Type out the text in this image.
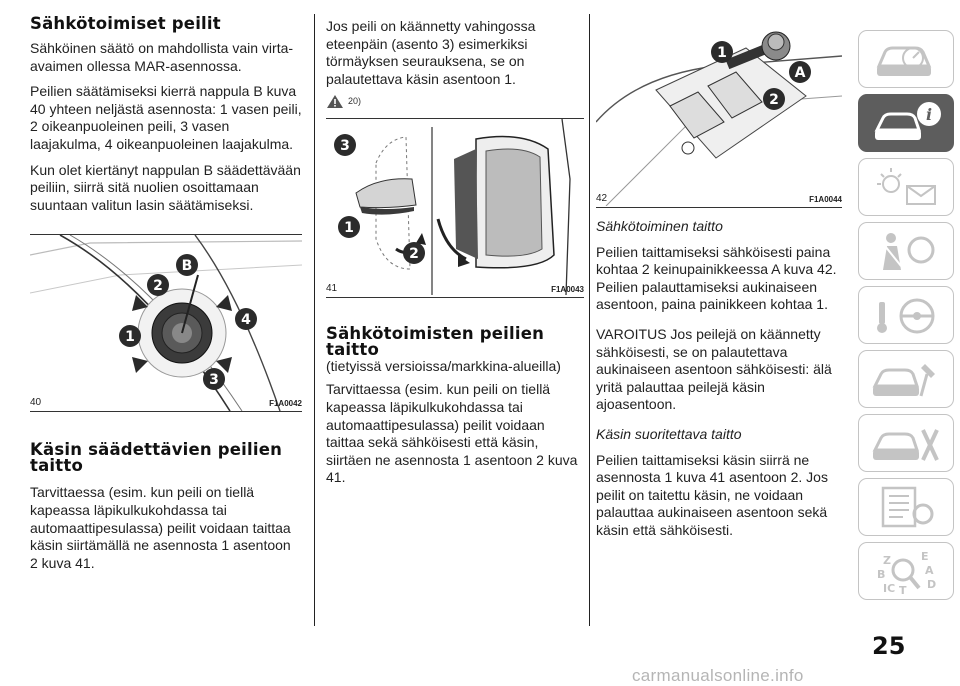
Sähkötoimiset peilit

Sähköinen säätö on mahdollista vain virta-avaimen ollessa MAR-asennossa.

Peilien säätämiseksi kierrä nappula B kuva 40 yhteen neljästä asennosta: 1 vasen peili, 2 oikeanpuoleinen peili, 3 vasen laajakulma, 4 oikeanpuoleinen laajakulma.

Kun olet kiertänyt nappulan B säädettävään peiliin, siirrä sitä nuolien osoittamaan suuntaan valitun lasin säätämiseksi.

B
2
4
1
3
40	F1A0042
Käsin säädettävien peilien taitto

Tarvittaessa (esim. kun peili on tiellä kapeassa läpikulkukohdassa tai automaattipesulassa) peilit voidaan taittaa käsin siirtämällä ne asennosta 1 asentoon 2 kuva 41.

Jos peili on käännetty vahingossa eteenpäin (asento 3) esimerkiksi törmäyksen seurauksena, se on palautettava käsin asentoon 1.

20)
3
1
2
41	F1A0043
Sähkötoimisten peilien taitto

(tietyissä versioissa/markkina-alueilla)

Tarvittaessa (esim. kun peili on tiellä kapeassa läpikulkukohdassa tai automaattipesulassa) peilit voidaan taittaa sekä sähköisesti että käsin, siirtäen ne asennosta 1 asentoon 2 kuva 41.

1
A
2
42	F1A0044

Sähkötoiminen taitto

Peilien taittamiseksi sähköisesti paina kohtaa 2 keinupainikkeessa A kuva 42. Peilien palauttamiseksi aukinaiseen asentoon, paina painikkeen kohtaa 1.

VAROITUS Jos peilejä on käännetty sähköisesti, se on palautettava aukinaiseen asentoon sähköisesti: älä yritä palauttaa peilejä käsin ajoasentoon.

Käsin suoritettava taitto

Peilien taittamiseksi käsin siirrä ne asennosta 1 kuva 41 asentoon 2. Jos peilit on taitettu käsin, ne voidaan palauttaa aukinaiseen asentoon sekä käsin että sähköisesti.

i
Z	E
A
B
IC T D
25
carmanualsonline.info
